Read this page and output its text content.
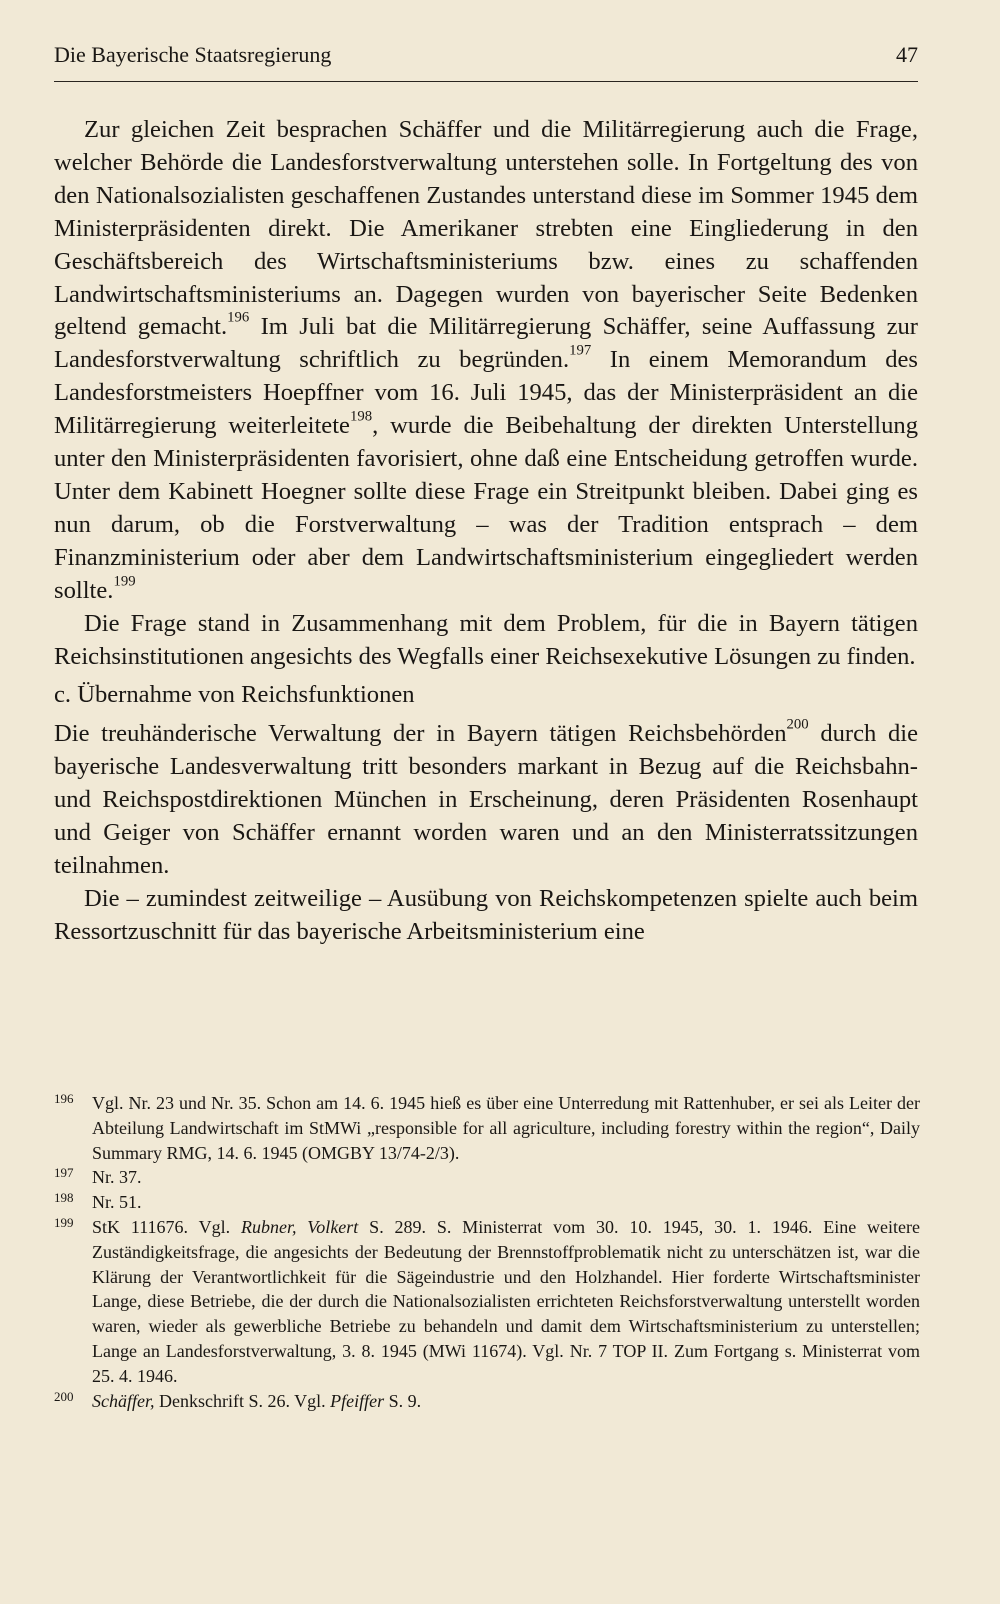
Die Bayerische Staatsregierung	47

Zur gleichen Zeit besprachen Schäffer und die Militärregierung auch die Frage, welcher Behörde die Landesforstverwaltung unterstehen solle. In Fortgeltung des von den Nationalsozialisten geschaffenen Zustandes unterstand diese im Sommer 1945 dem Ministerpräsidenten direkt. Die Amerikaner strebten eine Eingliederung in den Geschäftsbereich des Wirtschaftsministeriums bzw. eines zu schaffenden Landwirtschaftsministeriums an. Dagegen wurden von bayerischer Seite Bedenken geltend gemacht.$^{196}$ Im Juli bat die Militärregierung Schäffer, seine Auffassung zur Landesforstverwaltung schriftlich zu begründen.$^{197}$ In einem Memorandum des Landesforstmeisters Hoepffner vom 16. Juli 1945, das der Ministerpräsident an die Militärregierung weiterleitete$^{198}$, wurde die Beibehaltung der direkten Unterstellung unter den Ministerpräsidenten favorisiert, ohne daß eine Entscheidung getroffen wurde. Unter dem Kabinett Hoegner sollte diese Frage ein Streitpunkt bleiben. Dabei ging es nun darum, ob die Forstverwaltung – was der Tradition entsprach – dem Finanzministerium oder aber dem Landwirtschaftsministerium eingegliedert werden sollte.$^{199}$

Die Frage stand in Zusammenhang mit dem Problem, für die in Bayern tätigen Reichsinstitutionen angesichts des Wegfalls einer Reichsexekutive Lösungen zu finden.

c. Übernahme von Reichsfunktionen

Die treuhänderische Verwaltung der in Bayern tätigen Reichsbehörden$^{200}$ durch die bayerische Landesverwaltung tritt besonders markant in Bezug auf die Reichsbahn- und Reichspostdirektionen München in Erscheinung, deren Präsidenten Rosenhaupt und Geiger von Schäffer ernannt worden waren und an den Ministerratssitzungen teilnahmen.

Die – zumindest zeitweilige – Ausübung von Reichskompetenzen spielte auch beim Ressortzuschnitt für das bayerische Arbeitsministerium eine

196	Vgl. Nr. 23 und Nr. 35. Schon am 14. 6. 1945 hieß es über eine Unterredung mit Rattenhuber, er sei als Leiter der Abteilung Landwirtschaft im StMWi „responsible for all agriculture, including forestry within the region“, Daily Summary RMG, 14. 6. 1945 (OMGBY 13/74-2/3).
197	Nr. 37.
198	Nr. 51.
199	StK 111676. Vgl. Rubner, Volkert S. 289. S. Ministerrat vom 30. 10. 1945, 30. 1. 1946. Eine weitere Zuständigkeitsfrage, die angesichts der Bedeutung der Brennstoffproblematik nicht zu unterschätzen ist, war die Klärung der Verantwortlichkeit für die Sägeindustrie und den Holzhandel. Hier forderte Wirtschaftsminister Lange, diese Betriebe, die der durch die Nationalsozialisten errichteten Reichsforstverwaltung unterstellt worden waren, wieder als gewerbliche Betriebe zu behandeln und damit dem Wirtschaftsministerium zu unterstellen; Lange an Landesforstverwaltung, 3. 8. 1945 (MWi 11674). Vgl. Nr. 7 TOP II. Zum Fortgang s. Ministerrat vom 25. 4. 1946.
200	Schäffer, Denkschrift S. 26. Vgl. Pfeiffer S. 9.
